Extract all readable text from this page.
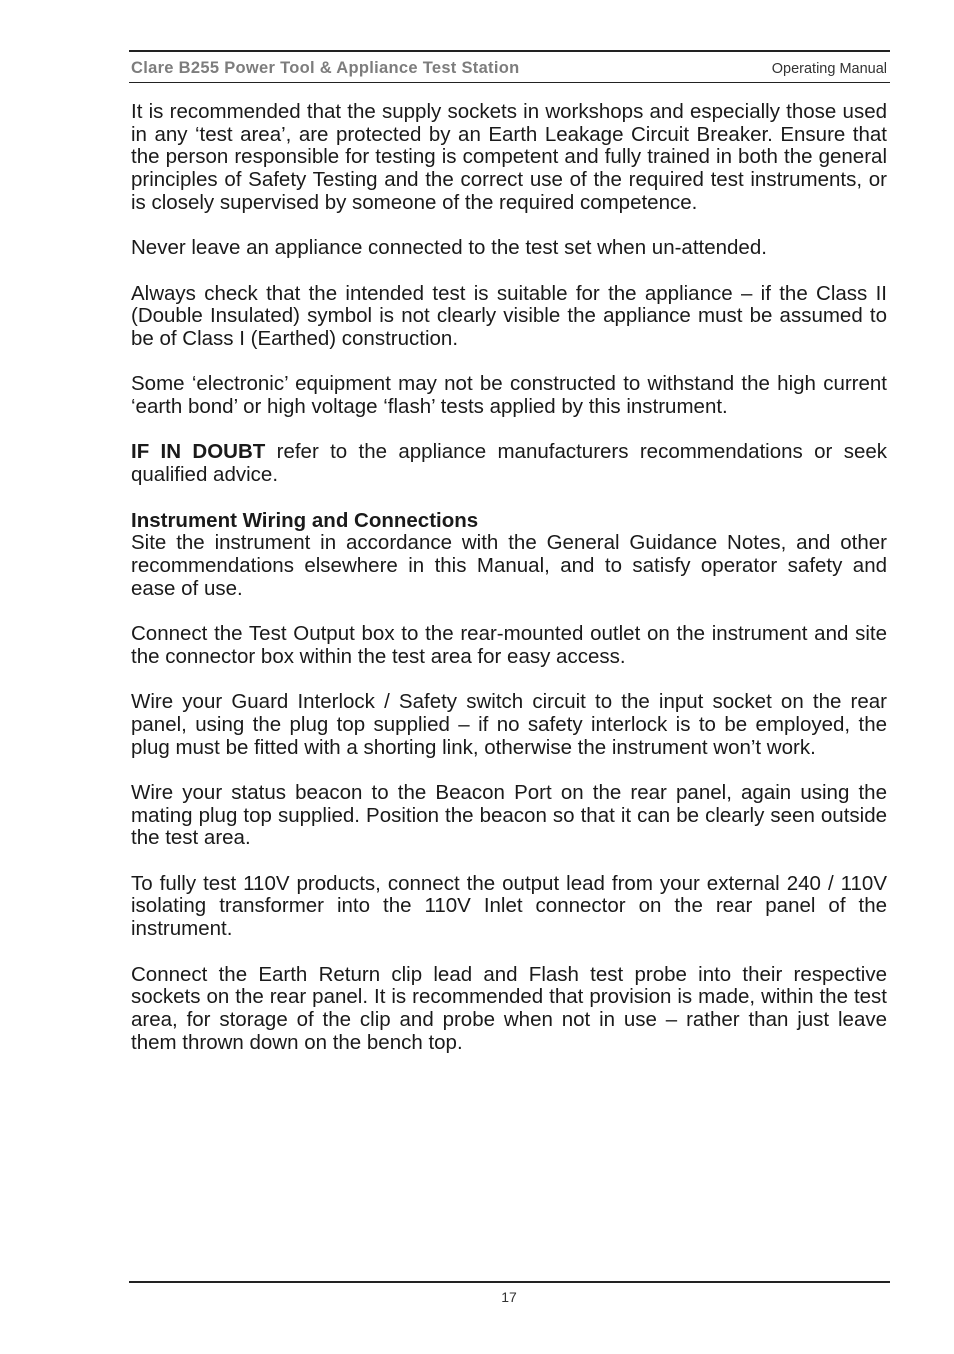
Clare B255 Power Tool & Appliance Test Station	Operating Manual

It is recommended that the supply sockets in workshops and especially those used in any ‘test area’, are protected by an Earth Leakage Circuit Breaker. Ensure that the person responsible for testing is competent and fully trained in both the general principles of Safety Testing and the correct use of the required test instruments, or is closely supervised by someone of the required competence.

Never leave an appliance connected to the test set when un-attended.

Always check that the intended test is suitable for the appliance – if the Class II (Double Insulated) symbol is not clearly visible the appliance must be assumed to be of Class I (Earthed) construction.

Some ‘electronic’ equipment may not be constructed to withstand the high current ‘earth bond’ or high voltage ‘flash’ tests applied by this instrument.

IF IN DOUBT refer to the appliance manufacturers recommendations or seek qualified advice.

Instrument Wiring and Connections
Site the instrument in accordance with the General Guidance Notes, and other recommendations elsewhere in this Manual, and to satisfy operator safety and ease of use.

Connect the Test Output box to the rear-mounted outlet on the instrument and site the connector box within the test area for easy access.

Wire your Guard Interlock / Safety switch circuit to the input socket on the rear panel, using the plug top supplied – if no safety interlock is to be employed, the plug must be fitted with a shorting link, otherwise the instrument won’t work.

Wire your status beacon to the Beacon Port on the rear panel, again using the mating plug top supplied. Position the beacon so that it can be clearly seen outside the test area.

To fully test 110V products, connect the output lead from your external 240 / 110V isolating transformer into the 110V Inlet connector on the rear panel of the instrument.

Connect the Earth Return clip lead and Flash test probe into their respective sockets on the rear panel. It is recommended that provision is made, within the test area, for storage of the clip and probe when not in use – rather than just leave them thrown down on the bench top.

17
